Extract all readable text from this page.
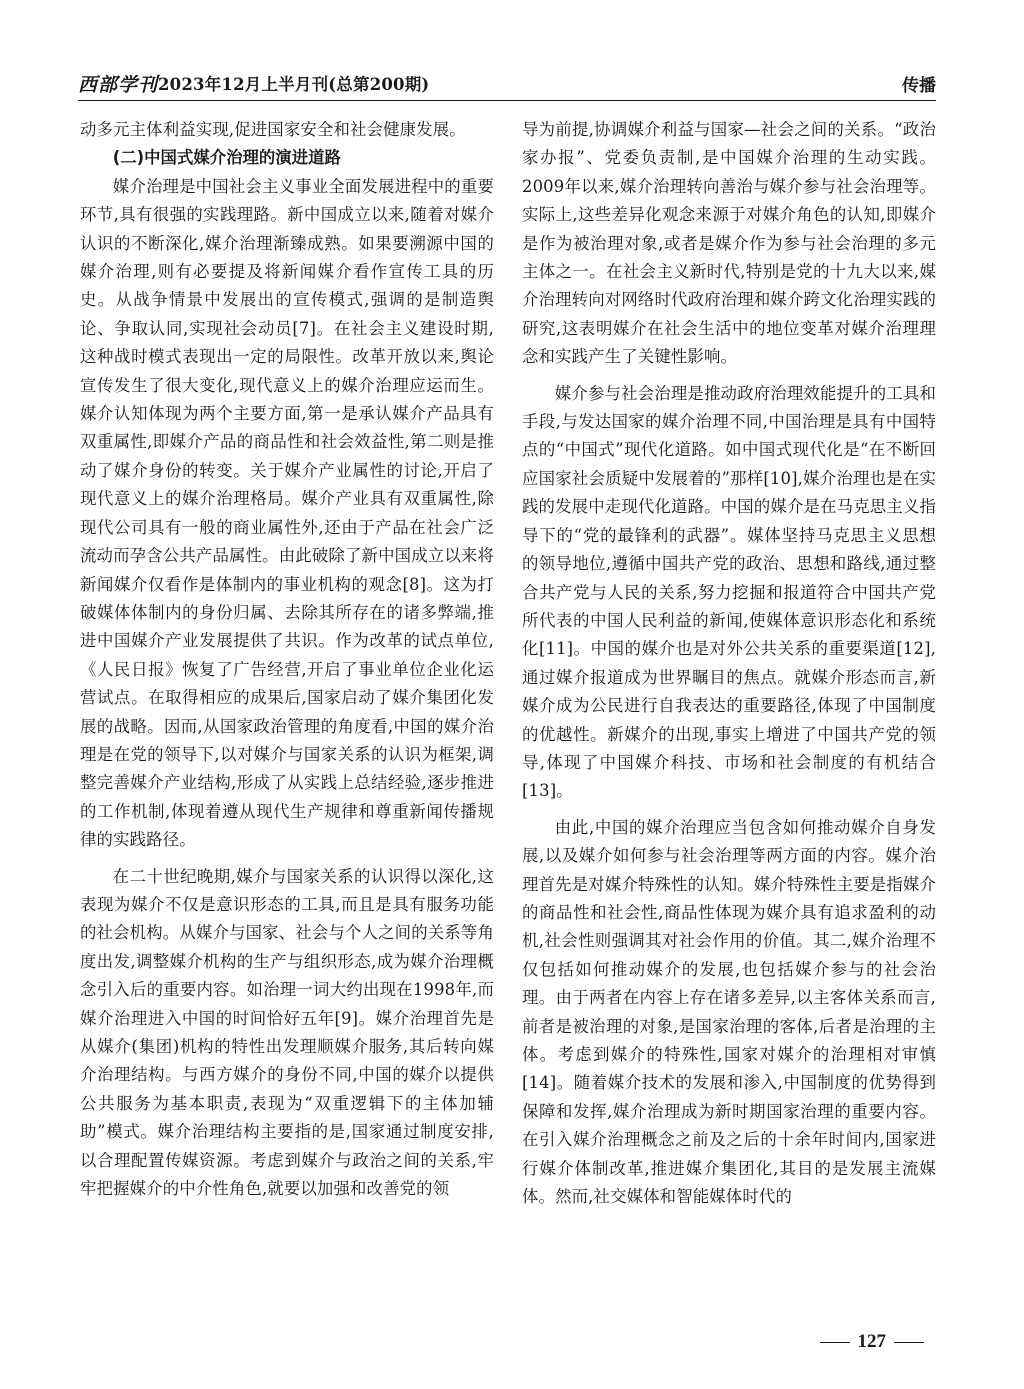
西部学刊 2023年12月上半月刊(总第200期)	传播

动多元主体利益实现,促进国家安全和社会健康发展。

(二)中国式媒介治理的演进道路

媒介治理是中国社会主义事业全面发展进程中的重要环节,具有很强的实践理路。新中国成立以来,随着对媒介认识的不断深化,媒介治理渐臻成熟。如果要溯源中国的媒介治理,则有必要提及将新闻媒介看作宣传工具的历史。从战争情景中发展出的宣传模式,强调的是制造舆论、争取认同,实现社会动员[7]。在社会主义建设时期,这种战时模式表现出一定的局限性。改革开放以来,舆论宣传发生了很大变化,现代意义上的媒介治理应运而生。媒介认知体现为两个主要方面,第一是承认媒介产品具有双重属性,即媒介产品的商品性和社会效益性,第二则是推动了媒介身份的转变。关于媒介产业属性的讨论,开启了现代意义上的媒介治理格局。媒介产业具有双重属性,除现代公司具有一般的商业属性外,还由于产品在社会广泛流动而孕含公共产品属性。由此破除了新中国成立以来将新闻媒介仅看作是体制内的事业机构的观念[8]。这为打破媒体体制内的身份归属、去除其所存在的诸多弊端,推进中国媒介产业发展提供了共识。作为改革的试点单位,《人民日报》恢复了广告经营,开启了事业单位企业化运营试点。在取得相应的成果后,国家启动了媒介集团化发展的战略。因而,从国家政治管理的角度看,中国的媒介治理是在党的领导下,以对媒介与国家关系的认识为框架,调整完善媒介产业结构,形成了从实践上总结经验,逐步推进的工作机制,体现着遵从现代生产规律和尊重新闻传播规律的实践路径。

在二十世纪晚期,媒介与国家关系的认识得以深化,这表现为媒介不仅是意识形态的工具,而且是具有服务功能的社会机构。从媒介与国家、社会与个人之间的关系等角度出发,调整媒介机构的生产与组织形态,成为媒介治理概念引入后的重要内容。如治理一词大约出现在1998年,而媒介治理进入中国的时间恰好五年[9]。媒介治理首先是从媒介(集团)机构的特性出发理顺媒介服务,其后转向媒介治理结构。与西方媒介的身份不同,中国的媒介以提供公共服务为基本职责,表现为“双重逻辑下的主体加辅助”模式。媒介治理结构主要指的是,国家通过制度安排,以合理配置传媒资源。考虑到媒介与政治之间的关系,牢牢把握媒介的中介性角色,就要以加强和改善党的领

导为前提,协调媒介利益与国家—社会之间的关系。“政治家办报”、党委负责制,是中国媒介治理的生动实践。2009年以来,媒介治理转向善治与媒介参与社会治理等。实际上,这些差异化观念来源于对媒介角色的认知,即媒介是作为被治理对象,或者是媒介作为参与社会治理的多元主体之一。在社会主义新时代,特别是党的十九大以来,媒介治理转向对网络时代政府治理和媒介跨文化治理实践的研究,这表明媒介在社会生活中的地位变革对媒介治理理念和实践产生了关键性影响。

媒介参与社会治理是推动政府治理效能提升的工具和手段,与发达国家的媒介治理不同,中国治理是具有中国特点的“中国式”现代化道路。如中国式现代化是“在不断回应国家社会质疑中发展着的”那样[10],媒介治理也是在实践的发展中走现代化道路。中国的媒介是在马克思主义指导下的“党的最锋利的武器”。媒体坚持马克思主义思想的领导地位,遵循中国共产党的政治、思想和路线,通过整合共产党与人民的关系,努力挖掘和报道符合中国共产党所代表的中国人民利益的新闻,使媒体意识形态化和系统化[11]。中国的媒介也是对外公共关系的重要渠道[12],通过媒介报道成为世界瞩目的焦点。就媒介形态而言,新媒介成为公民进行自我表达的重要路径,体现了中国制度的优越性。新媒介的出现,事实上增进了中国共产党的领导,体现了中国媒介科技、市场和社会制度的有机结合[13]。

由此,中国的媒介治理应当包含如何推动媒介自身发展,以及媒介如何参与社会治理等两方面的内容。媒介治理首先是对媒介特殊性的认知。媒介特殊性主要是指媒介的商品性和社会性,商品性体现为媒介具有追求盈利的动机,社会性则强调其对社会作用的价值。其二,媒介治理不仅包括如何推动媒介的发展,也包括媒介参与的社会治理。由于两者在内容上存在诸多差异,以主客体关系而言,前者是被治理的对象,是国家治理的客体,后者是治理的主体。考虑到媒介的特殊性,国家对媒介的治理相对审慎[14]。随着媒介技术的发展和渗入,中国制度的优势得到保障和发挥,媒介治理成为新时期国家治理的重要内容。在引入媒介治理概念之前及之后的十余年时间内,国家进行媒介体制改革,推进媒介集团化,其目的是发展主流媒体。然而,社交媒体和智能媒体时代的

127
